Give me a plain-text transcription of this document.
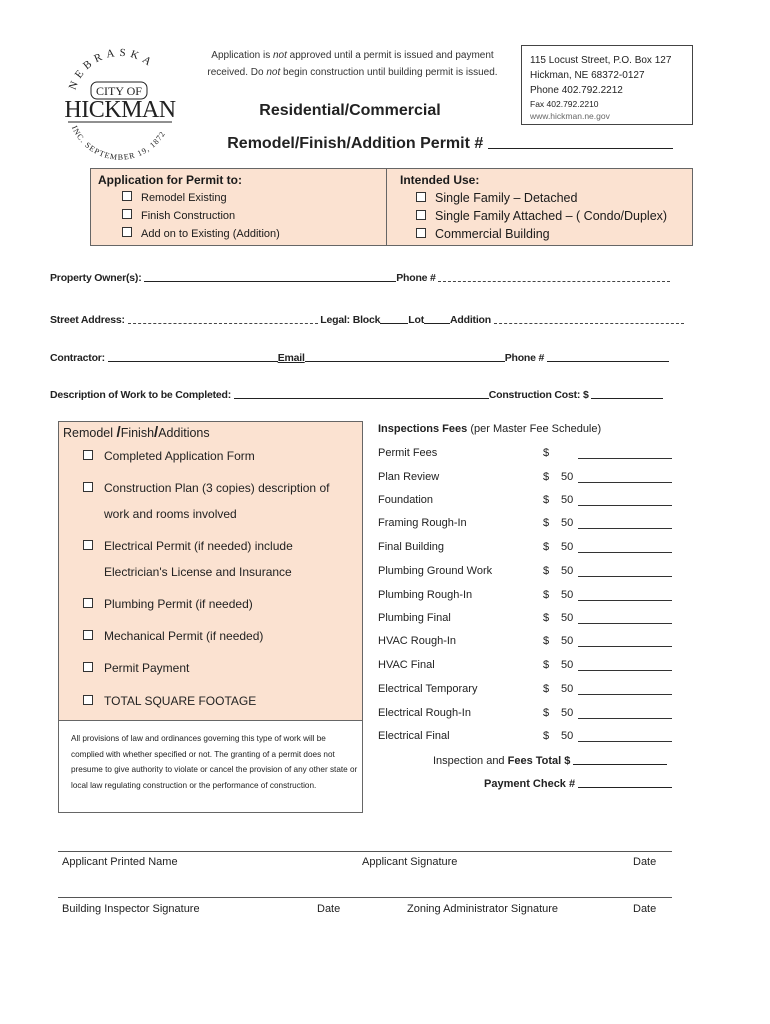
NEBRASKA
CITY OF
HICKMAN
INC. SEPTEMBER 19, 1872
Application is not approved until a permit is issued and payment
received. Do not begin construction until building permit is issued.
Residential/Commercial
Remodel/Finish/Addition Permit #
115 Locust Street, P.O. Box 127
Hickman, NE 68372-0127
Phone 402.792.2212
Fax 402.792.2210
www.hickman.ne.gov
Application for Permit to:
Remodel Existing
Finish Construction
Add on to Existing (Addition)
Intended Use:
Single Family – Detached
Single Family Attached – ( Condo/Duplex)
Commercial Building
Property Owner(s):	Phone #
Street Address:	Legal: Block	Lot Addition
Contractor:	Email	Phone #
Description of Work to be Completed:	Construction Cost: $
Remodel /Finish/Additions
Completed Application Form
Construction Plan (3 copies) description of
work and rooms involved
Electrical Permit (if needed) include
Electrician's License and Insurance
Plumbing Permit (if needed)
Mechanical Permit (if needed)
Permit Payment
TOTAL SQUARE FOOTAGE
All provisions of law and ordinances governing this type of work will be complied with whether specified or not. The granting of a permit does not presume to give authority to violate or cancel the provision of any other state or local law regulating construction or the performance of construction.
Inspections Fees (per Master Fee Schedule)
Permit Fees	$
Plan Review	$ 50
Foundation	$ 50
Framing Rough-In	$ 50
Final Building	$ 50
Plumbing Ground Work	$ 50
Plumbing Rough-In	$ 50
Plumbing Final	$ 50
HVAC Rough-In	$ 50
HVAC Final	$ 50
Electrical Temporary	$ 50
Electrical Rough-In	$ 50
Electrical Final	$ 50
Inspection and Fees Total $
Payment Check #
Applicant Printed Name	Applicant Signature	Date
Building Inspector Signature	Date	Zoning Administrator Signature	Date
